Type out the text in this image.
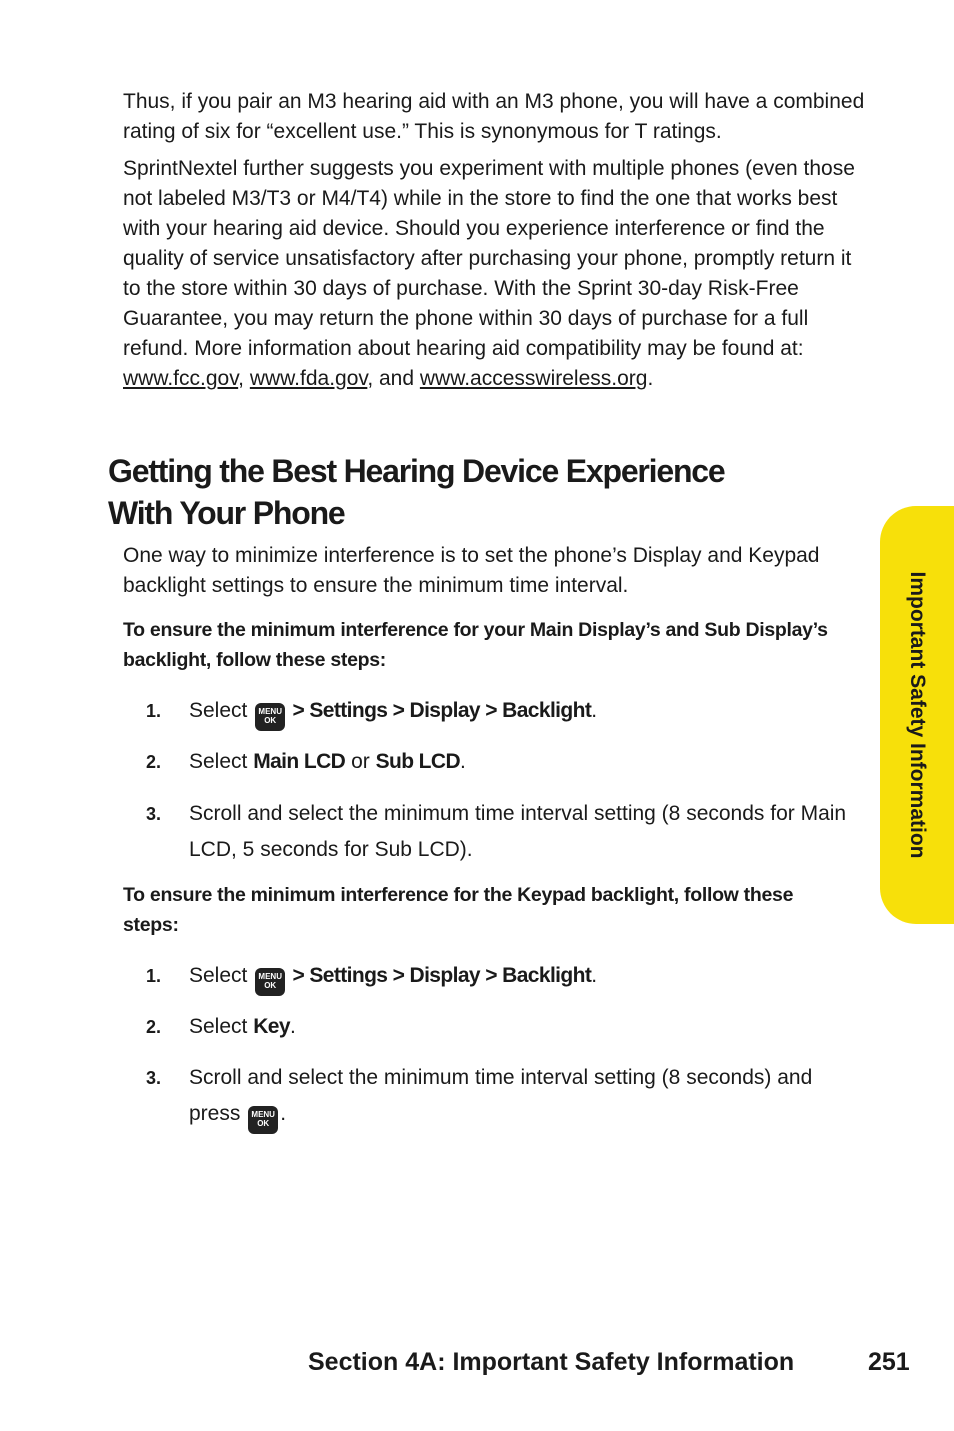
Thus, if you pair an M3 hearing aid with an M3 phone, you will have a combined rating of six for “excellent use.” This is synonymous for T ratings.

SprintNextel further suggests you experiment with multiple phones (even those not labeled M3/T3 or M4/T4) while in the store to find the one that works best with your hearing aid device. Should you experience interference or find the quality of service unsatisfactory after purchasing your phone, promptly return it to the store within 30 days of purchase. With the Sprint 30-day Risk-Free Guarantee, you may return the phone within 30 days of purchase for a full refund. More information about hearing aid compatibility may be found at: www.fcc.gov, www.fda.gov, and www.accesswireless.org.

Getting the Best Hearing Device Experience
With Your Phone

One way to minimize interference is to set the phone’s Display and Keypad backlight settings to ensure the minimum time interval.

To ensure the minimum interference for your Main Display’s and Sub Display’s backlight, follow these steps:

1. Select MENU
OK > Settings > Display > Backlight.
2. Select Main LCD or Sub LCD.
3. Scroll and select the minimum time interval setting (8 seconds for Main LCD, 5 seconds for Sub LCD).

To ensure the minimum interference for the Keypad backlight, follow these steps:

1. Select MENU
OK > Settings > Display > Backlight.
2. Select Key.
3. Scroll and select the minimum time interval setting (8 seconds) and press MENU
OK .
Important Safety Information
Section 4A: Important Safety Information	251
